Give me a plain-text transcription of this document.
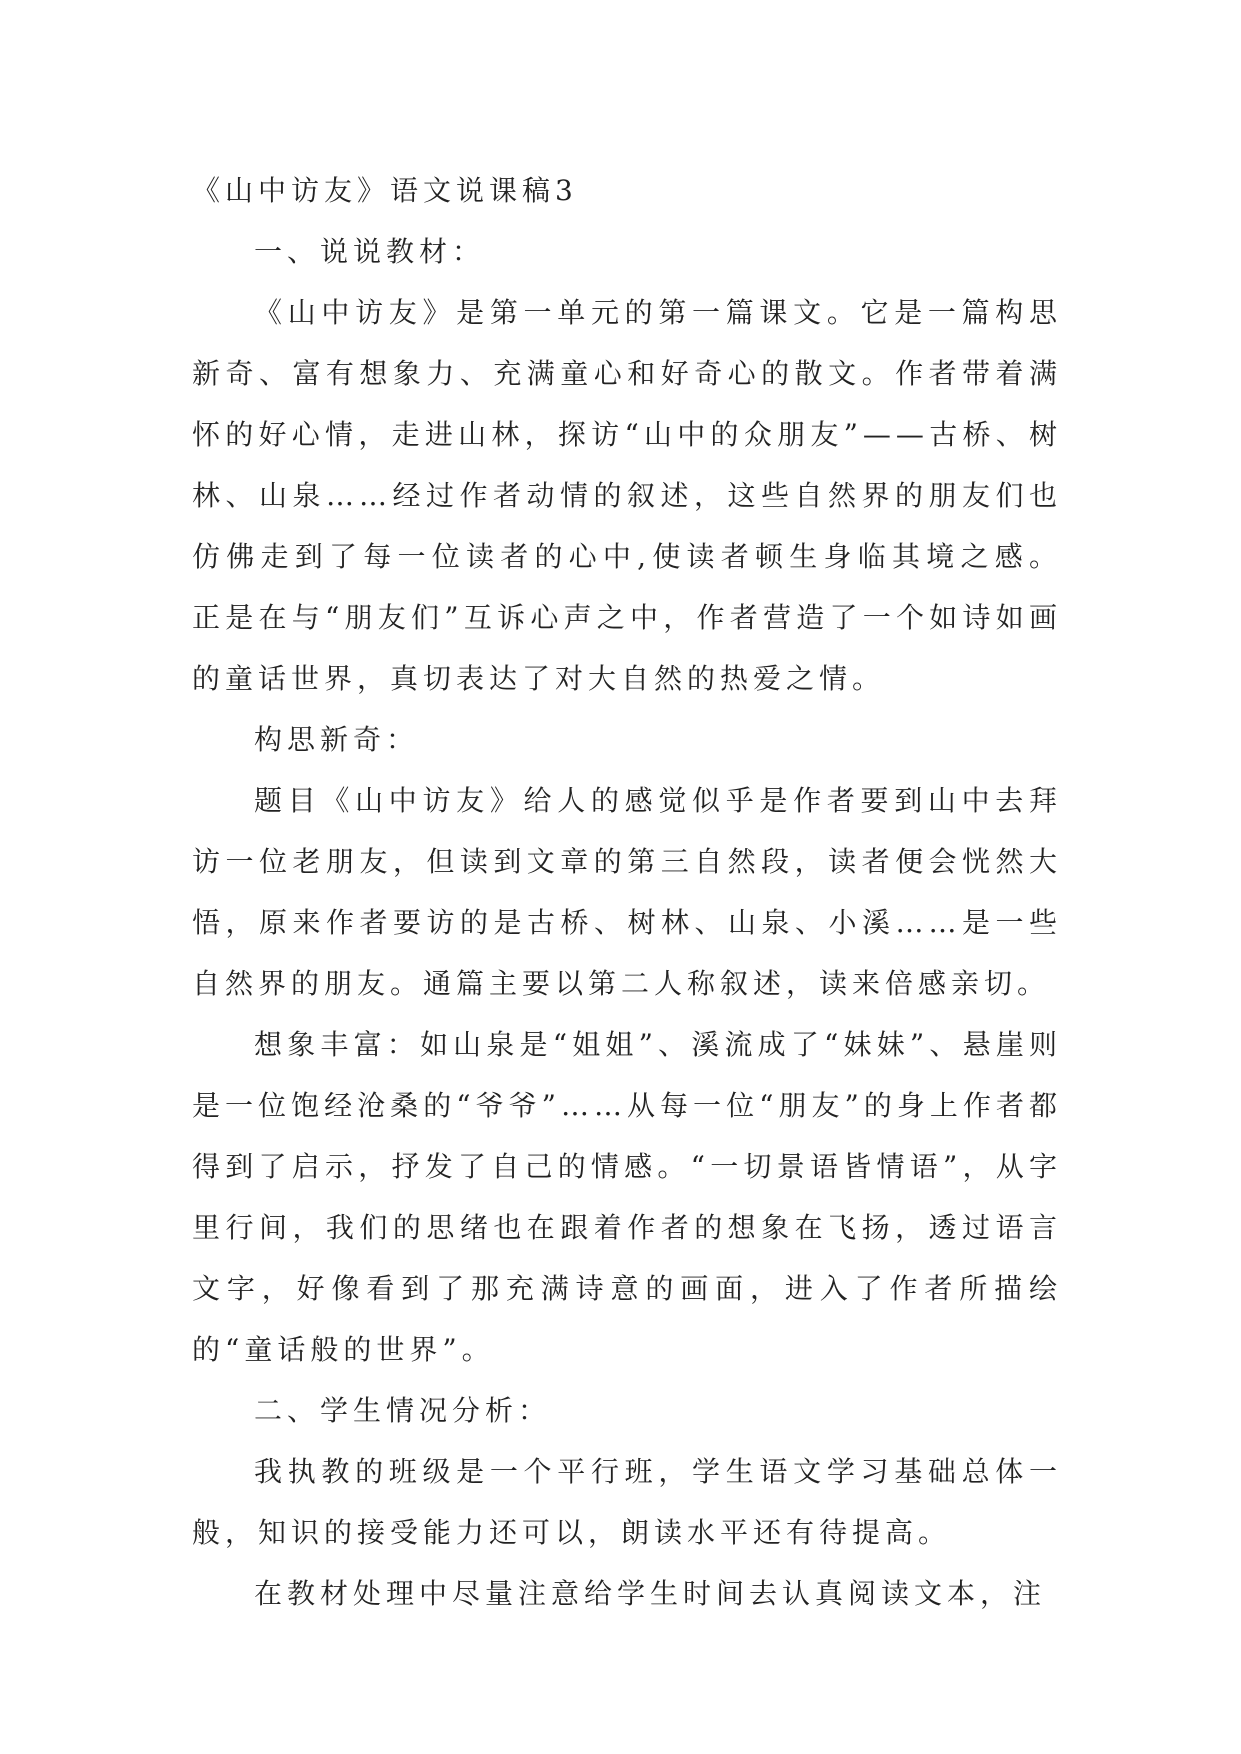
《山中访友》语文说课稿3

一、说说教材：

《山中访友》是第一单元的第一篇课文。它是一篇构思新奇、富有想象力、充满童心和好奇心的散文。作者带着满怀的好心情，走进山林，探访“山中的众朋友”——古桥、树林、山泉……经过作者动情的叙述，这些自然界的朋友们也仿佛走到了每一位读者的心中,使读者顿生身临其境之感。正是在与“朋友们”互诉心声之中，作者营造了一个如诗如画的童话世界，真切表达了对大自然的热爱之情。

构思新奇：

题目《山中访友》给人的感觉似乎是作者要到山中去拜访一位老朋友，但读到文章的第三自然段，读者便会恍然大悟，原来作者要访的是古桥、树林、山泉、小溪……是一些自然界的朋友。通篇主要以第二人称叙述，读来倍感亲切。

想象丰富：如山泉是“姐姐”、溪流成了“妹妹”、悬崖则是一位饱经沧桑的“爷爷”……从每一位“朋友”的身上作者都得到了启示，抒发了自己的情感。“一切景语皆情语”，从字里行间，我们的思绪也在跟着作者的想象在飞扬，透过语言文字，好像看到了那充满诗意的画面，进入了作者所描绘的“童话般的世界”。

二、学生情况分析：

我执教的班级是一个平行班，学生语文学习基础总体一般，知识的接受能力还可以，朗读水平还有待提高。

在教材处理中尽量注意给学生时间去认真阅读文本，注
